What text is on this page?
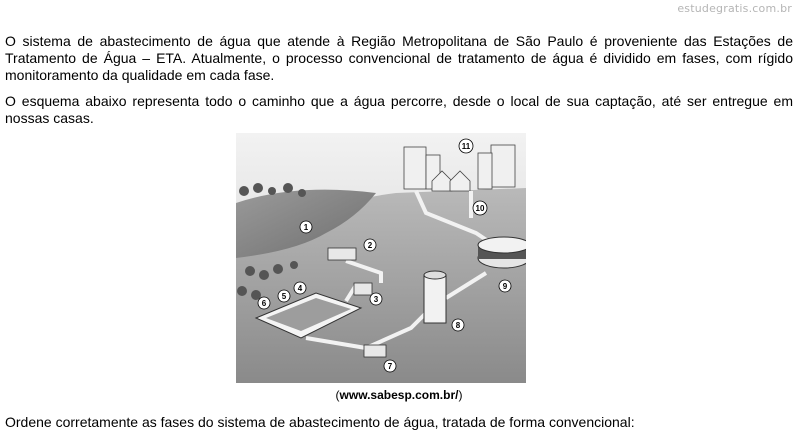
estudegratis.com.br

O sistema de abastecimento de água que atende à Região Metropolitana de São Paulo é proveniente das Estações de Tratamento de Água – ETA. Atualmente, o processo convencional de tratamento de água é dividido em fases, com rígido monitoramento da qualidade em cada fase.

O esquema abaixo representa todo o caminho que a água percorre, desde o local de sua captação, até ser entregue em nossas casas.

1
2
3
4
5
6
7
8
9
10
11
(www.sabesp.com.br/)

Ordene corretamente as fases do sistema de abastecimento de água, tratada de forma convencional:
